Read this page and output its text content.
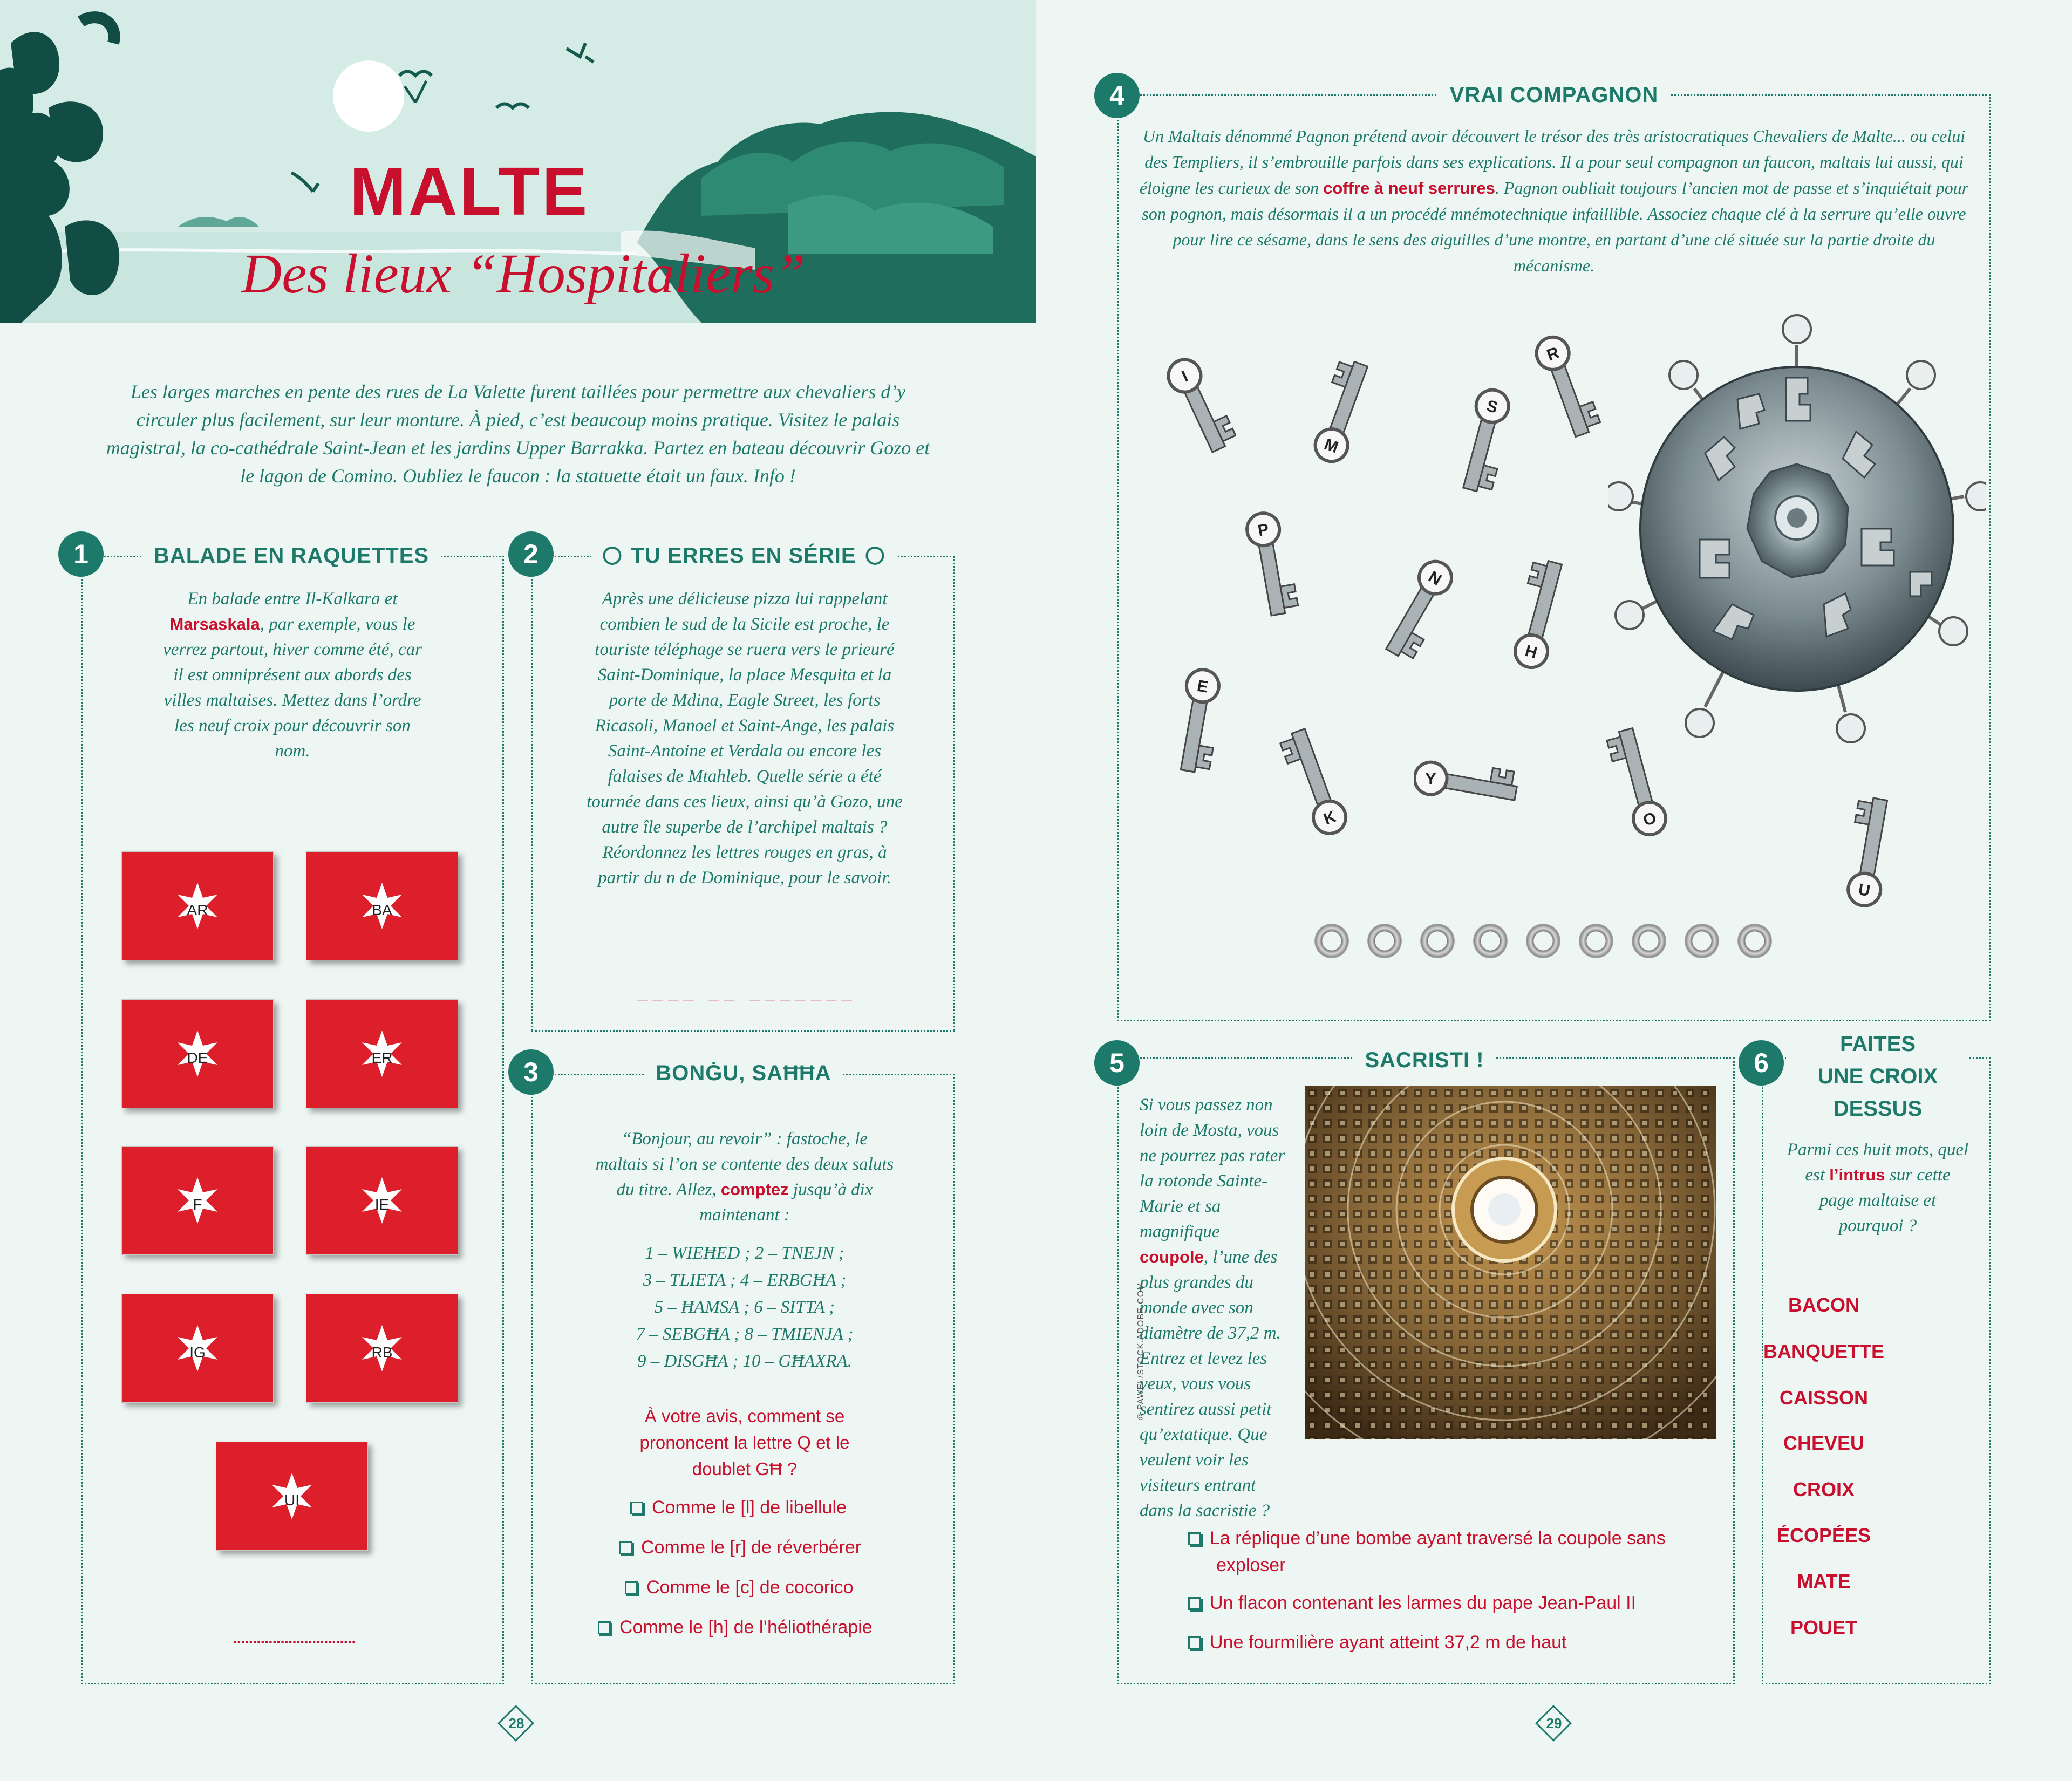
MALTE
Des lieux “Hospitaliers”
Les larges marches en pente des rues de La Valette furent taillées pour permettre aux chevaliers d’y circuler plus facilement, sur leur monture. À pied, c’est beaucoup moins pratique. Visitez le palais magistral, la co-cathédrale Saint-Jean et les jardins Upper Barrakka. Partez en bateau découvrir Gozo et le lagon de Comino. Oubliez le faucon : la statuette était un faux. Info !
1	BALADE EN RAQUETTES
En balade entre Il-Kalkara et Marsaskala, par exemple, vous le verrez partout, hiver comme été, car il est omniprésent aux abords des villes maltaises. Mettez dans l’ordre les neuf croix pour découvrir son nom.
AR	BA
DE	ER
F	IE
IG	RB
UI
...............................
2	TU ERRES EN SÉRIE
Après une délicieuse pizza lui rappelant combien le sud de la Sicile est proche, le touriste téléphage se ruera vers le prieuré Saint-Dominique, la place Mesquita et la porte de Mdina, Eagle Street, les forts Ricasoli, Manoel et Saint-Ange, les palais Saint-Antoine et Verdala ou encore les falaises de Mtahleb. Quelle série a été tournée dans ces lieux, ainsi qu’à Gozo, une autre île superbe de l’archipel maltais ? Réordonnez les lettres rouges en gras, à partir du n de Dominique, pour le savoir.
_ _ _ _   _ _   _ _ _ _ _ _ _
3	BONĠU, SAĦĦA
“Bonjour, au revoir” : fastoche, le maltais si l’on se contente des deux saluts du titre. Allez, comptez jusqu’à dix maintenant :
1 – WIEĦED ; 2 – TNEJN ;
3 – TLIETA ; 4 – ERBGĦA ;
5 – ĦAMSA ; 6 – SITTA ;
7 – SEBGĦA ; 8 – TMIENJA ;
9 – DISGĦA ; 10 – GĦAXRA.
À votre avis, comment se prononcent la lettre Q et le doublet GĦ ?
Comme le [l] de libellule
Comme le [r] de réverbérer
Comme le [c] de cocorico
Comme le [h] de l’héliothérapie
4	VRAI COMPAGNON
Un Maltais dénommé Pagnon prétend avoir découvert le trésor des très aristocratiques Chevaliers de Malte... ou celui des Templiers, il s’embrouille parfois dans ses explications. Il a pour seul compagnon un faucon, maltais lui aussi, qui éloigne les curieux de son coffre à neuf serrures. Pagnon oubliait toujours l’ancien mot de passe et s’inquiétait pour son pognon, mais désormais il a un procédé mnémotechnique infaillible. Associez chaque clé à la serrure qu’elle ouvre pour lire ce sésame, dans le sens des aiguilles d’une montre, en partant d’une clé située sur la partie droite du mécanisme.
I
M
R
S
P
N
H
E
K
Y
O
U
5	SACRISTI !
Si vous passez non loin de Mosta, vous ne pourrez pas rater la rotonde Sainte-Marie et sa magnifique coupole, l’une des plus grandes du monde avec son diamètre de 37,2 m. Entrez et levez les yeux, vous vous sentirez aussi petit qu’extatique. Que veulent voir les visiteurs entrant dans la sacristie ?
© PAWEL/STOCK.ADOBE.COM
La réplique d’une bombe ayant traversé la coupole sans exploser
Un flacon contenant les larmes du pape Jean-Paul II
Une fourmilière ayant atteint 37,2 m de haut
6
FAITES
UNE CROIX
DESSUS
Parmi ces huit mots, quel est l’intrus sur cette page maltaise et pourquoi ?
BACON
BANQUETTE
CAISSON
CHEVEU
CROIX
ÉCOPÉES
MATE
POUET
28	29
